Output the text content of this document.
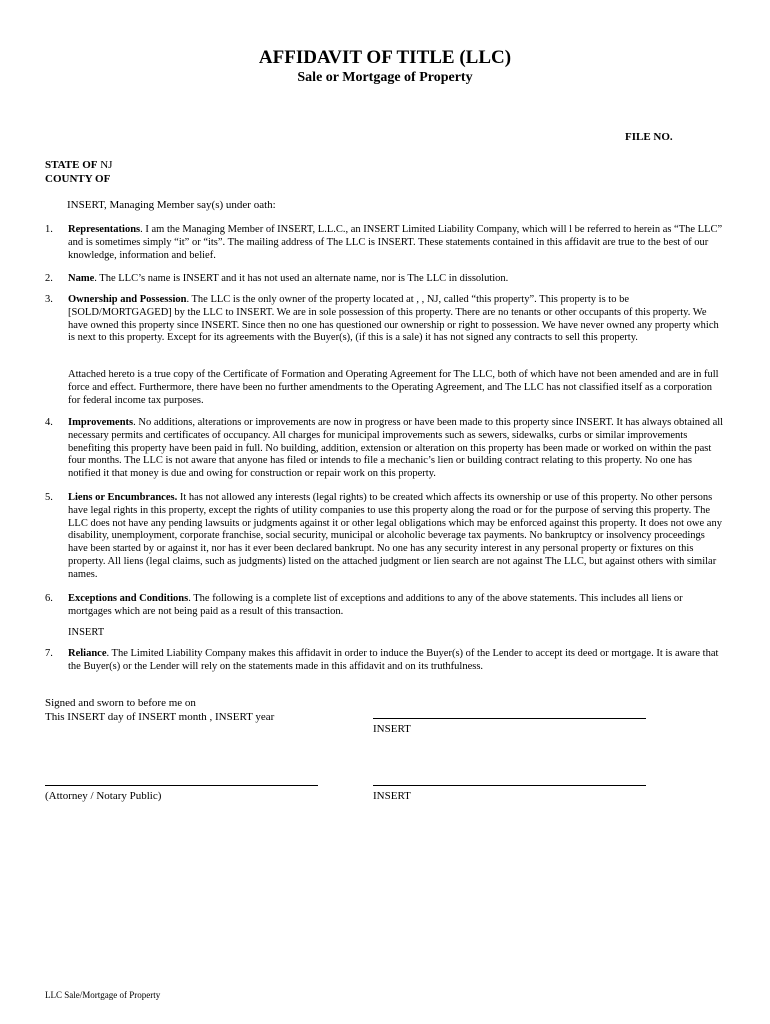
AFFIDAVIT OF TITLE (LLC)
Sale or Mortgage of Property
FILE NO.
STATE OF NJ
COUNTY OF
INSERT, Managing Member say(s) under oath:
1.	Representations. I am the Managing Member of INSERT, L.L.C., an INSERT Limited Liability Company, which will l be referred to herein as “The LLC” and is sometimes simply “it” or “its”. The mailing address of The LLC is INSERT. These statements contained in this affidavit are true to the best of our knowledge, information and belief.
2.	Name. The LLC’s name is INSERT and it has not used an alternate name, nor is The LLC in dissolution.
3.	Ownership and Possession. The LLC is the only owner of the property located at , , NJ, called “this property”. This property is to be [SOLD/MORTGAGED] by the LLC to INSERT. We are in sole possession of this property. There are no tenants or other occupants of this property. We have owned this property since INSERT. Since then no one has questioned our ownership or right to possession. We have never owned any property which is next to this property. Except for its agreements with the Buyer(s), (if this is a sale) it has not signed any contracts to sell this property.
Attached hereto is a true copy of the Certificate of Formation and Operating Agreement for The LLC, both of which have not been amended and are in full force and effect. Furthermore, there have been no further amendments to the Operating Agreement, and The LLC has not classified itself as a corporation for federal income tax purposes.
4.	Improvements. No additions, alterations or improvements are now in progress or have been made to this property since INSERT. It has always obtained all necessary permits and certificates of occupancy. All charges for municipal improvements such as sewers, sidewalks, curbs or similar improvements benefiting this property have been paid in full. No building, addition, extension or alteration on this property has been made or worked on within the past four months. The LLC is not aware that anyone has filed or intends to file a mechanic’s lien or building contract relating to this property. No one has notified it that money is due and owing for construction or repair work on this property.
5.	Liens or Encumbrances. It has not allowed any interests (legal rights) to be created which affects its ownership or use of this property. No other persons have legal rights in this property, except the rights of utility companies to use this property along the road or for the purpose of serving this property. The LLC does not have any pending lawsuits or judgments against it or other legal obligations which may be enforced against this property. It does not owe any disability, unemployment, corporate franchise, social security, municipal or alcoholic beverage tax payments. No bankruptcy or insolvency proceedings have been started by or against it, nor has it ever been declared bankrupt. No one has any security interest in any personal property or fixtures on this property. All liens (legal claims, such as judgments) listed on the attached judgment or lien search are not against The LLC, but against others with similar names.
6.	Exceptions and Conditions. The following is a complete list of exceptions and additions to any of the above statements. This includes all liens or mortgages which are not being paid as a result of this transaction.
INSERT
7.	Reliance. The Limited Liability Company makes this affidavit in order to induce the Buyer(s) of the Lender to accept its deed or mortgage. It is aware that the Buyer(s) or the Lender will rely on the statements made in this affidavit and on its truthfulness.
Signed and sworn to before me on
This INSERT day of INSERT month , INSERT year
INSERT
(Attorney / Notary Public)	INSERT
LLC Sale/Mortgage of Property
